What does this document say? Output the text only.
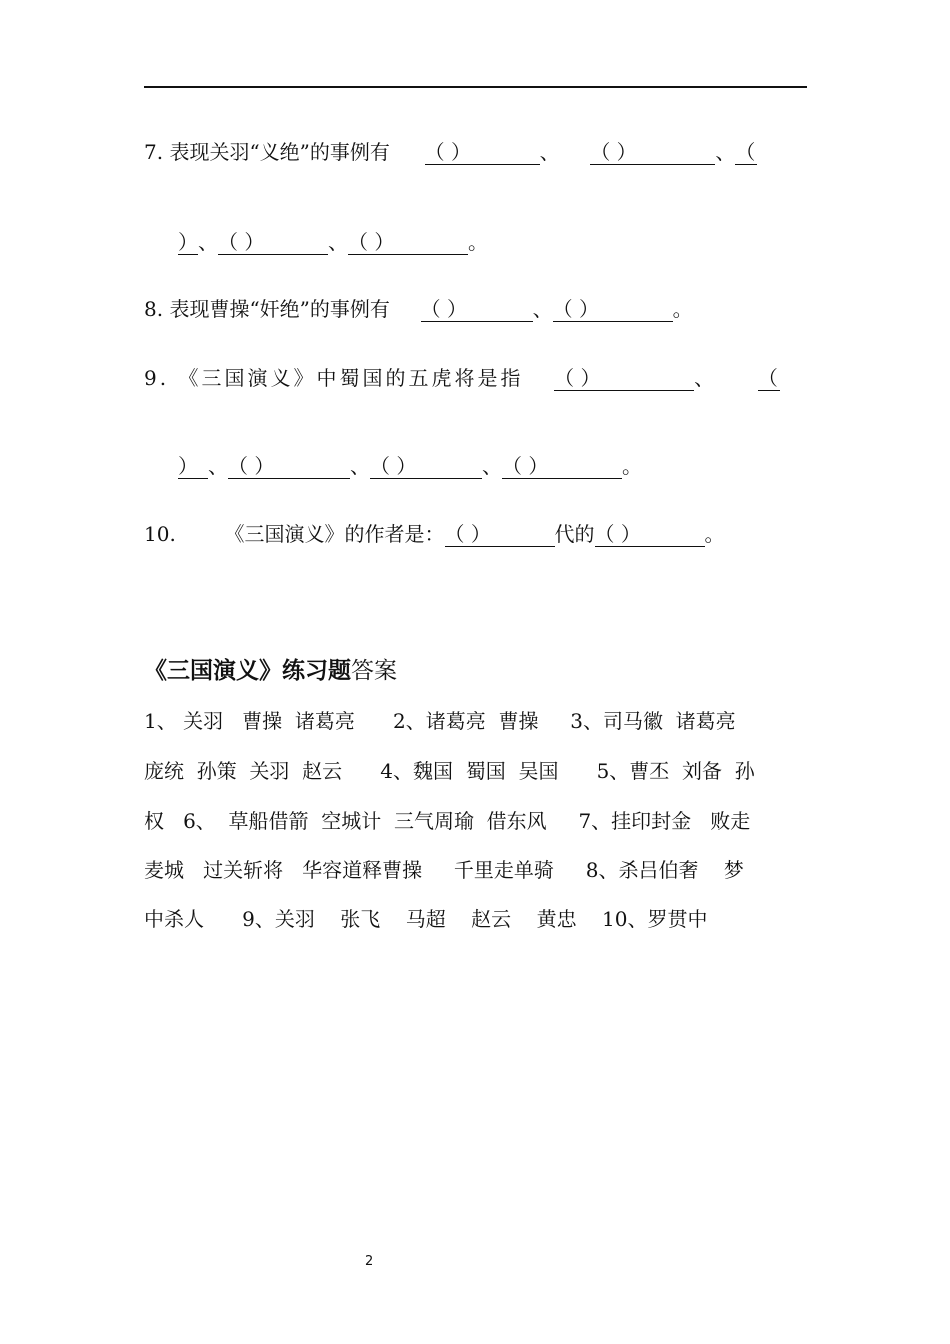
7. 表现关羽“义绝”的事例有 （ ）	、 （ ）	、（
）、（ ）	、（ ）	。
8. 表现曹操“奸绝”的事例有 （ ）	、（ ）	。
9. 《三国演义》中蜀国的五虎将是指 （ ）	、 （
） 、（ ）	、（ ）	、（ ）	。
10. 《三国演义》的作者是：（ ）	代的（ ）	。
《三国演义》练习题答案
1、 关羽   曹操  诸葛亮      2、诸葛亮  曹操     3、司马徽  诸葛亮
庞统  孙策  关羽  赵云      4、魏国  蜀国  吴国      5、曹丕  刘备  孙
权   6、  草船借箭  空城计  三气周瑜  借东风     7、挂印封金   败走
麦城   过关斩将   华容道释曹操     千里走单骑     8、杀吕伯奢    梦
中杀人      9、关羽    张飞    马超    赵云    黄忠    10、罗贯中
2
